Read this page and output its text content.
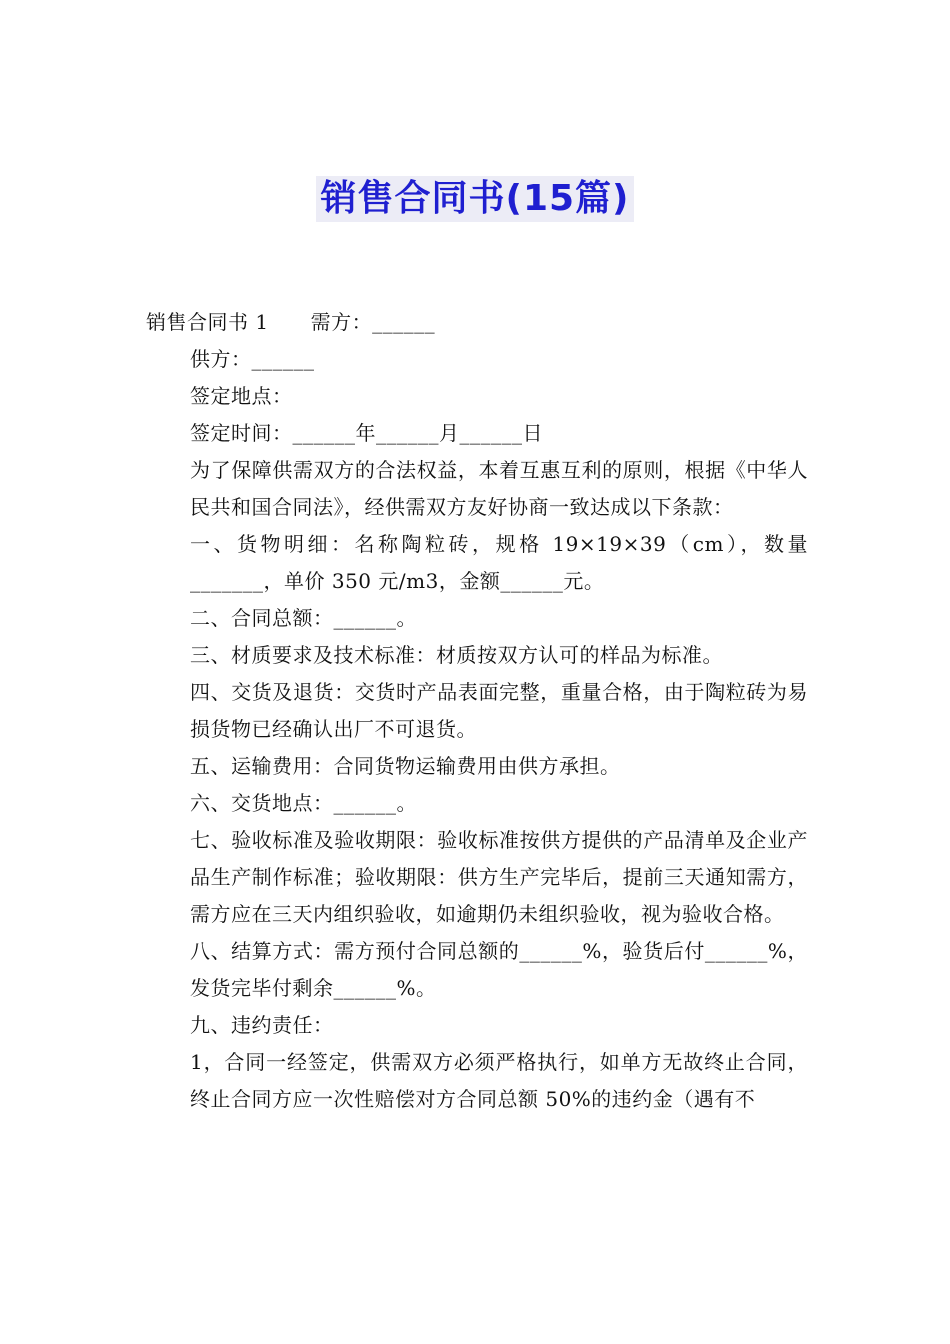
销售合同书(15篇)

销售合同书 1 需方：______

供方：______

签定地点：

签定时间：______年______月______日

为了保障供需双方的合法权益，本着互惠互利的原则，根据《中华人民共和国合同法》，经供需双方友好协商一致达成以下条款：

一、货物明细：名称陶粒砖，规格 19×19×39（cm），数量_______，单价 350 元/m3，金额______元。

二、合同总额：______。

三、材质要求及技术标准：材质按双方认可的样品为标准。

四、交货及退货：交货时产品表面完整，重量合格，由于陶粒砖为易损货物已经确认出厂不可退货。

五、运输费用：合同货物运输费用由供方承担。

六、交货地点：______。

七、验收标准及验收期限：验收标准按供方提供的产品清单及企业产品生产制作标准；验收期限：供方生产完毕后，提前三天通知需方，需方应在三天内组织验收，如逾期仍未组织验收，视为验收合格。

八、结算方式：需方预付合同总额的______%，验货后付______%，发货完毕付剩余______%。

九、违约责任：

1，合同一经签定，供需双方必须严格执行，如单方无故终止合同，终止合同方应一次性赔偿对方合同总额 50%的违约金（遇有不
